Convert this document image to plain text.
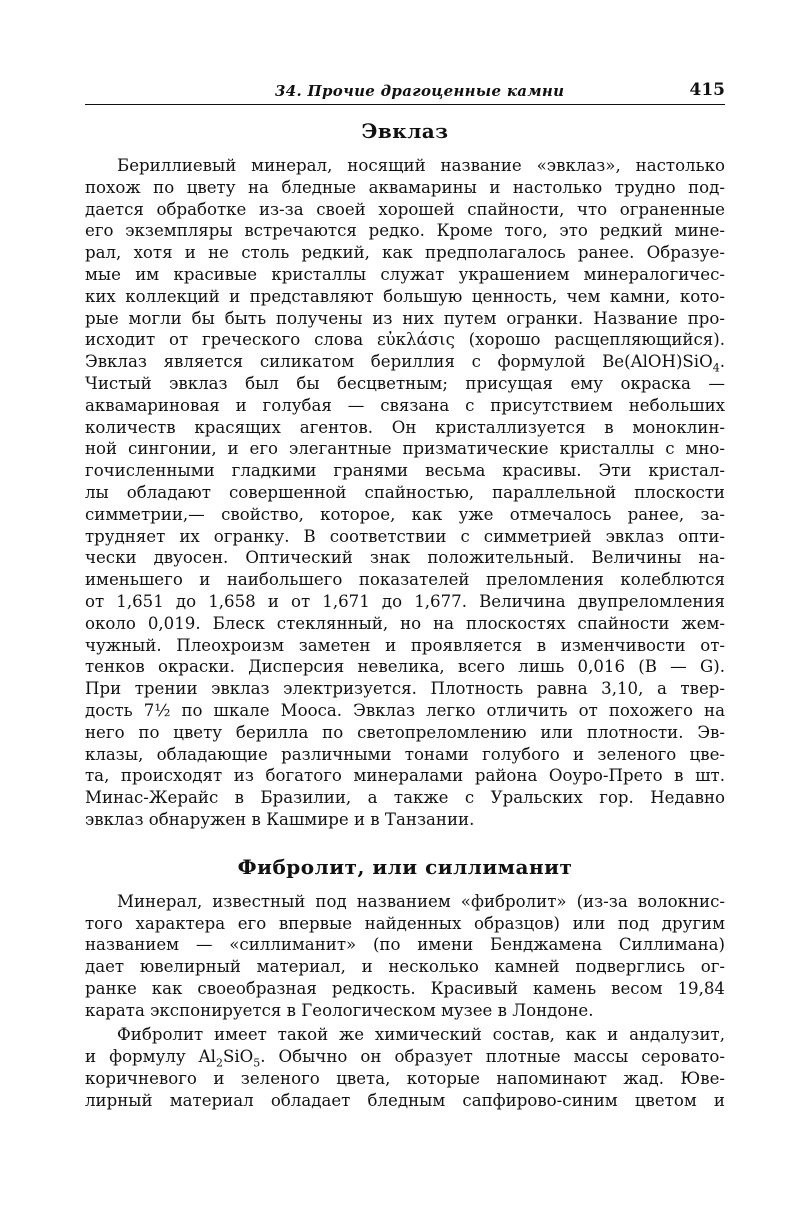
34. Прочие драгоценные камни	415
Эвклаз
Бериллиевый минерал, носящий название «эвклаз», настолько
похож по цвету на бледные аквамарины и настолько трудно под-
дается обработке из-за своей хорошей спайности, что ограненные
его экземпляры встречаются редко. Кроме того, это редкий мине-
рал, хотя и не столь редкий, как предполагалось ранее. Образуе-
мые им красивые кристаллы служат украшением минералогичес-
ких коллекций и представляют большую ценность, чем камни, кото-
рые могли бы быть получены из них путем огранки. Название про-
исходит от греческого слова εὐκλάσις (хорошо расщепляющийся).
Эвклаз является силикатом бериллия с формулой Be(AlOH)SiO$_4$.
Чистый эвклаз был бы бесцветным; присущая ему окраска —
аквамариновая и голубая — связана с присутствием небольших
количеств красящих агентов. Он кристаллизуется в моноклин-
ной сингонии, и его элегантные призматические кристаллы с мно-
гочисленными гладкими гранями весьма красивы. Эти кристал-
лы обладают совершенной спайностью, параллельной плоскости
симметрии,— свойство, которое, как уже отмечалось ранее, за-
трудняет их огранку. В соответствии с симметрией эвклаз опти-
чески двуосен. Оптический знак положительный. Величины на-
именьшего и наибольшего показателей преломления колеблются
от 1,651 до 1,658 и от 1,671 до 1,677. Величина двупреломления
около 0,019. Блеск стеклянный, но на плоскостях спайности жем-
чужный. Плеохроизм заметен и проявляется в изменчивости от-
тенков окраски. Дисперсия невелика, всего лишь 0,016 (B — G).
При трении эвклаз электризуется. Плотность равна 3,10, а твер-
дость 7½ по шкале Мооса. Эвклаз легко отличить от похожего на
него по цвету берилла по светопреломлению или плотности. Эв-
клазы, обладающие различными тонами голубого и зеленого цве-
та, происходят из богатого минералами района Ооуро-Прето в шт.
Минас-Жерайс в Бразилии, а также с Уральских гор. Недавно
эвклаз обнаружен в Кашмире и в Танзании.
Фибролит, или силлиманит
Минерал, известный под названием «фибролит» (из-за волокнис-
того характера его впервые найденных образцов) или под другим
названием — «силлиманит» (по имени Бенджамена Силлимана)
дает ювелирный материал, и несколько камней подверглись ог-
ранке как своеобразная редкость. Красивый камень весом 19,84
карата экспонируется в Геологическом музее в Лондоне.
Фибролит имеет такой же химический состав, как и андалузит,
и формулу $Al_2SiO_5$. Обычно он образует плотные массы серовато-
коричневого и зеленого цвета, которые напоминают жад. Юве-
лирный материал обладает бледным сапфирово-синим цветом и
